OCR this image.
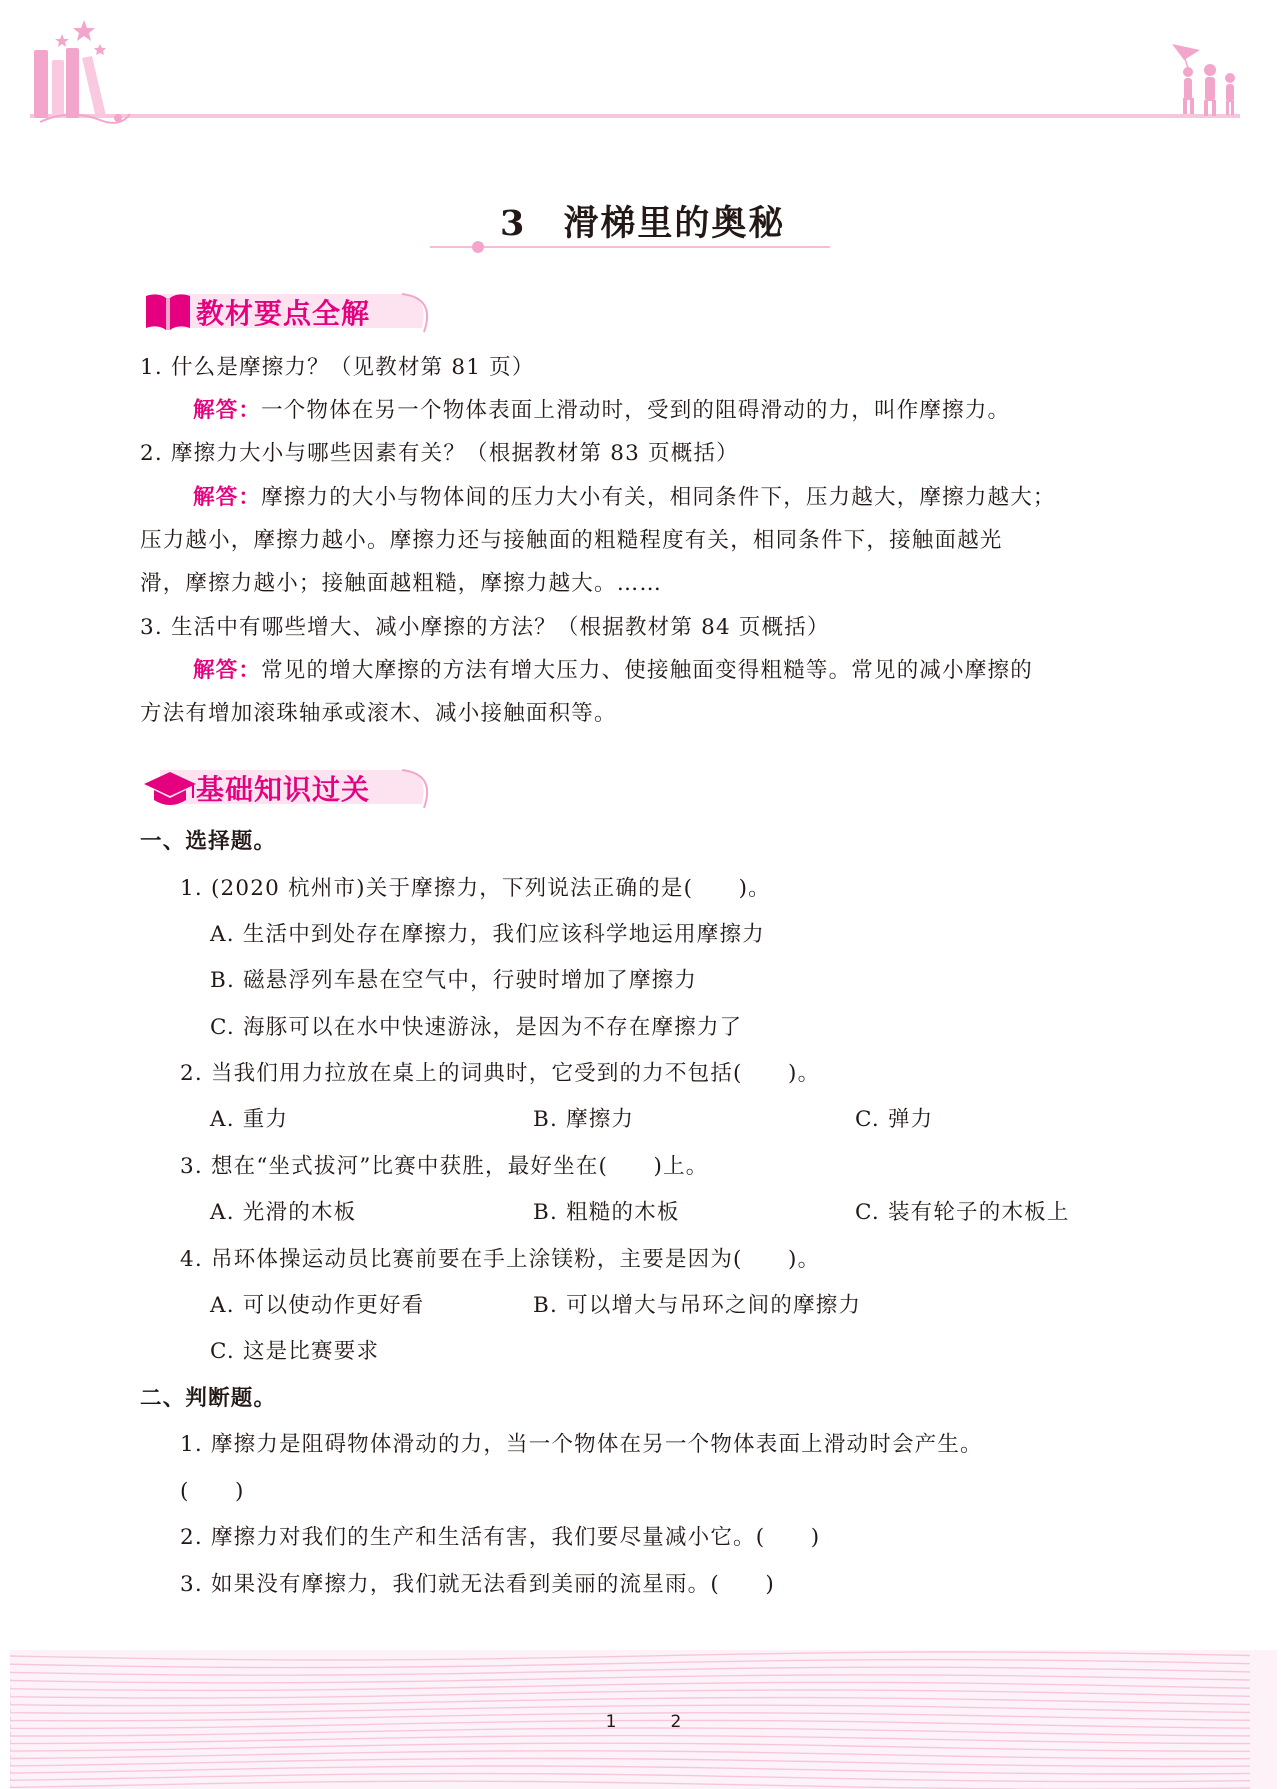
3　 滑梯里的奥秘
教材要点全解
1. 什么是摩擦力？（见教材第 81 页）
解答：一个物体在另一个物体表面上滑动时，受到的阻碍滑动的力，叫作摩擦力。
2. 摩擦力大小与哪些因素有关？（根据教材第 83 页概括）
解答：摩擦力的大小与物体间的压力大小有关，相同条件下，压力越大，摩擦力越大；
压力越小，摩擦力越小。摩擦力还与接触面的粗糙程度有关，相同条件下，接触面越光
滑，摩擦力越小；接触面越粗糙，摩擦力越大。……
3. 生活中有哪些增大、减小摩擦的方法？（根据教材第 84 页概括）
解答：常见的增大摩擦的方法有增大压力、使接触面变得粗糙等。常见的减小摩擦的
方法有增加滚珠轴承或滚木、减小接触面积等。
基础知识过关
一、选择题。
1. (2020 杭州市)关于摩擦力，下列说法正确的是(　　)。
A. 生活中到处存在摩擦力，我们应该科学地运用摩擦力
B. 磁悬浮列车悬在空气中，行驶时增加了摩擦力
C. 海豚可以在水中快速游泳，是因为不存在摩擦力了
2. 当我们用力拉放在桌上的词典时，它受到的力不包括(　　)。
A. 重力	B. 摩擦力	C. 弹力
3. 想在“坐式拔河”比赛中获胜，最好坐在(　　)上。
A. 光滑的木板	B. 粗糙的木板	C. 装有轮子的木板上
4. 吊环体操运动员比赛前要在手上涂镁粉，主要是因为(　　)。
A. 可以使动作更好看	B. 可以增大与吊环之间的摩擦力
C. 这是比赛要求
二、判断题。
1. 摩擦力是阻碍物体滑动的力，当一个物体在另一个物体表面上滑动时会产生。
(　　)
2. 摩擦力对我们的生产和生活有害，我们要尽量减小它。(　　)
3. 如果没有摩擦力，我们就无法看到美丽的流星雨。(　　)
12
